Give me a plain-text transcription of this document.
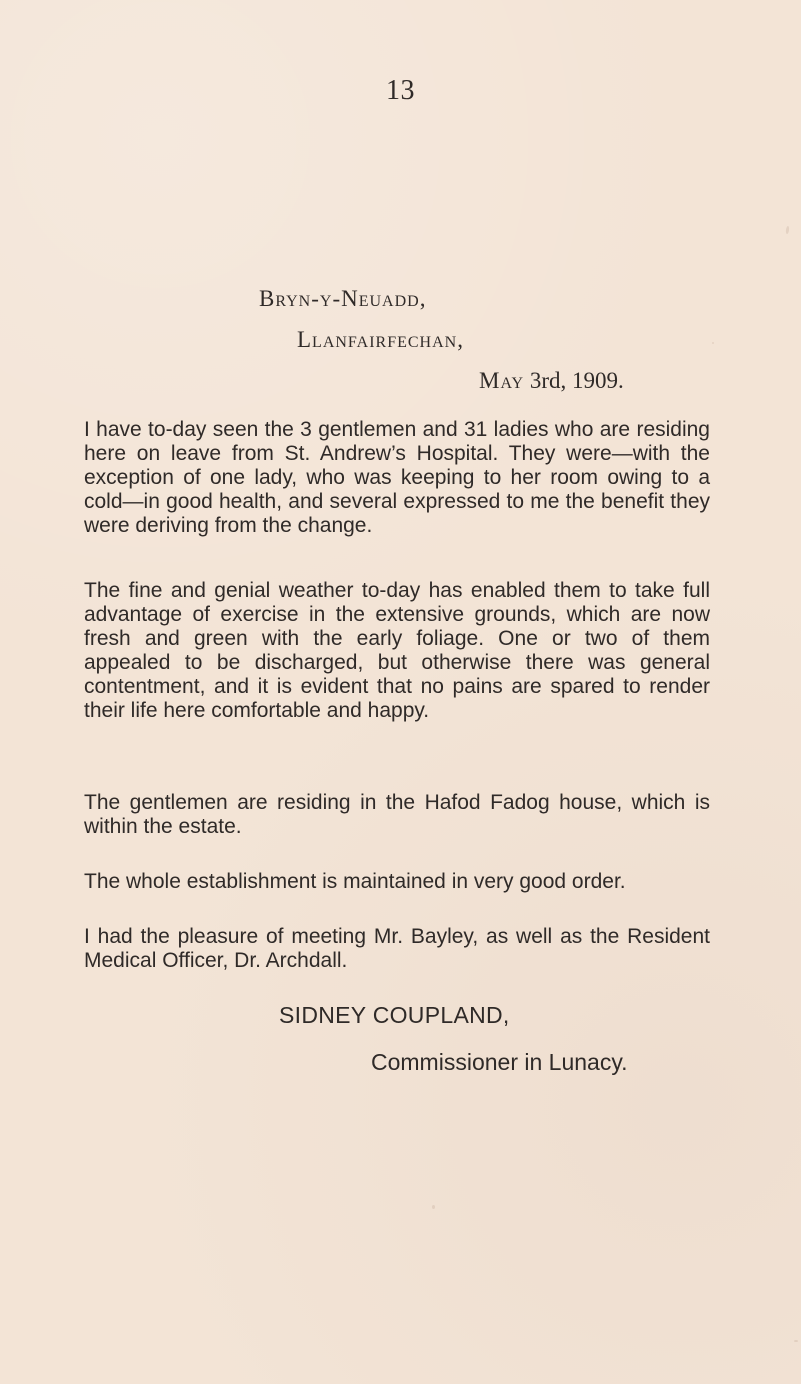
13
Bryn-y-Neuadd,
Llanfairfechan,
May 3rd, 1909.

I have to-day seen the 3 gentlemen and 31 ladies who are residing here on leave from St. Andrew’s Hospital. They were—with the exception of one lady, who was keeping to her room owing to a cold—in good health, and several expressed to me the benefit they were deriving from the change.

The fine and genial weather to-day has enabled them to take full advantage of exercise in the extensive grounds, which are now fresh and green with the early foliage. One or two of them appealed to be discharged, but otherwise there was general contentment, and it is evident that no pains are spared to render their life here comfortable and happy.

The gentlemen are residing in the Hafod Fadog house, which is within the estate.

The whole establishment is maintained in very good order.

I had the pleasure of meeting Mr. Bayley, as well as the Resident Medical Officer, Dr. Archdall.

SIDNEY COUPLAND,
Commissioner in Lunacy.
